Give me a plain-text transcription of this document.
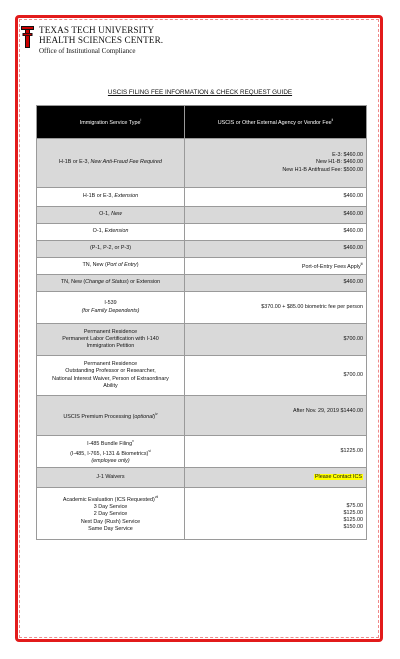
TEXAS TECH UNIVERSITY
HEALTH SCIENCES CENTER.
Office of Institutional Compliance
USCIS FILING FEE INFORMATION & CHECK REQUEST GUIDE
Immigration Service Type$^i$	USCIS or Other External Agency or Vendor Fee$^{ii}$
H-1B or E-3, New Anti-Fraud Fee Required	E-3: $460.00
New H1-B: $460.00
New H1-B Antifraud Fee: $500.00

H-1B or E-3, Extension	$460.00
O-1, New	$460.00
O-1, Extension	$460.00
(P-1, P-2, or P-3)	$460.00
TN, New (Port of Entry)	Port-of-Entry Fees Apply$^{iii}$
TN, New (Change of Status) or Extension	$460.00

I-539
(for Family Dependents)	$370.00 + $85.00 biometric fee per person

Permanent Residence
Permanent Labor Certification with I-140
Immigration Petition	$700.00

Permanent Residence
Outstanding Professor or Researcher,
National Interest Waiver, Person of Extraordinary
Ability	$700.00
USCIS Premium Processing (optional)$^{iv}$	After Nov. 29, 2019 $1440.00

I-485 Bundle Filing$^v$
(I-485, I-765, I-131 & Biometrics)$^{vi}$
(employee only)	$1225.00
J-1 Waivers	Please Contact ICS

Academic Evaluation (ICS Requested)$^{vii}$
3 Day Service
2 Day Service
Next Day (Rush) Service
Same Day Service	$75.00
$125.00
$125.00
$150.00
